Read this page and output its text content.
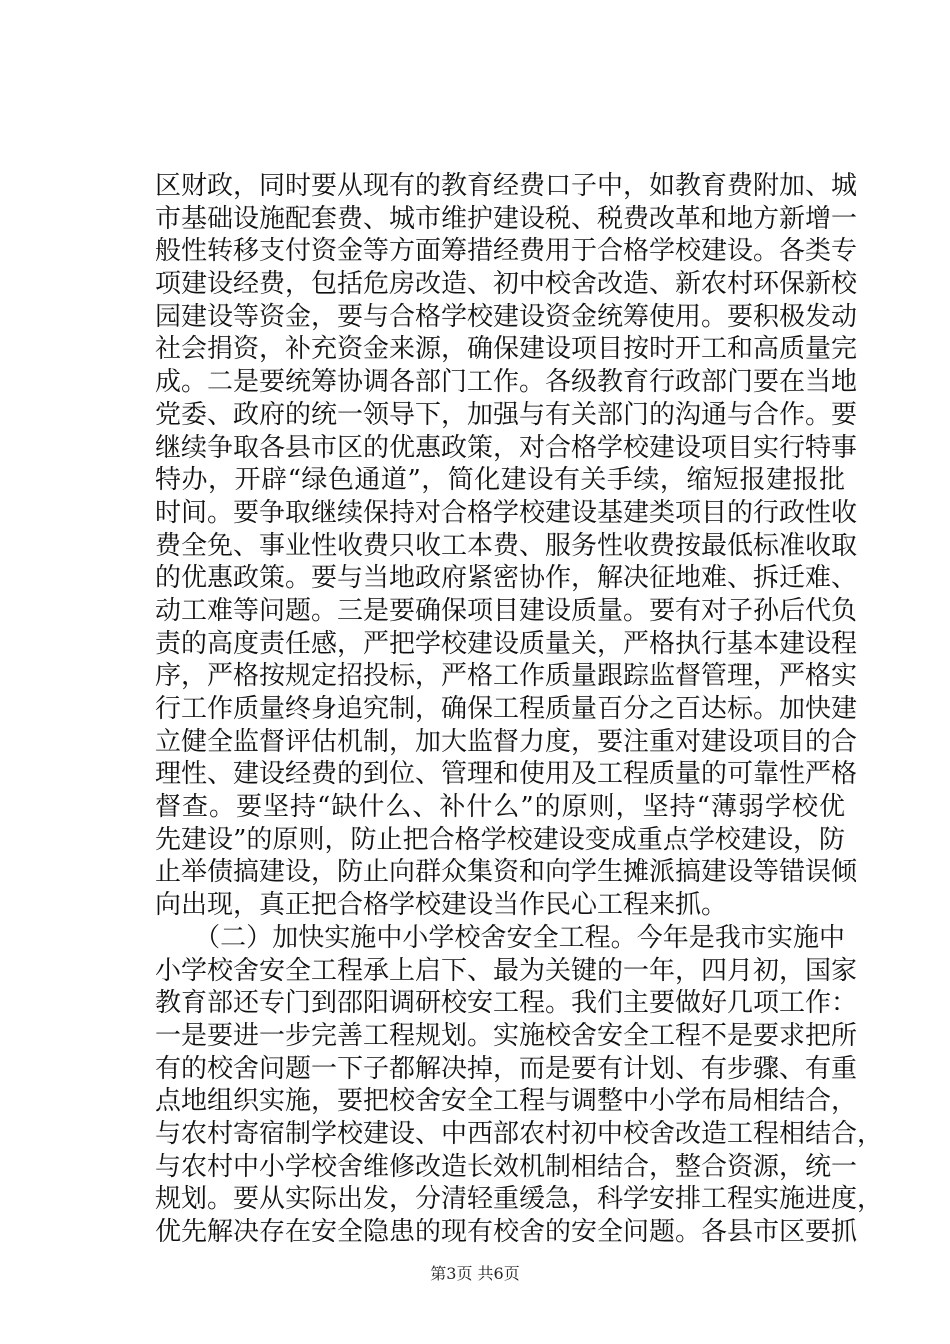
区财政，同时要从现有的教育经费口子中，如教育费附加、城
市基础设施配套费、城市维护建设税、税费改革和地方新增一
般性转移支付资金等方面筹措经费用于合格学校建设。各类专
项建设经费，包括危房改造、初中校舍改造、新农村环保新校
园建设等资金，要与合格学校建设资金统筹使用。要积极发动
社会捐资，补充资金来源，确保建设项目按时开工和高质量完
成。二是要统筹协调各部门工作。各级教育行政部门要在当地
党委、政府的统一领导下，加强与有关部门的沟通与合作。要
继续争取各县市区的优惠政策，对合格学校建设项目实行特事
特办，开辟“绿色通道”，简化建设有关手续，缩短报建报批
时间。要争取继续保持对合格学校建设基建类项目的行政性收
费全免、事业性收费只收工本费、服务性收费按最低标准收取
的优惠政策。要与当地政府紧密协作，解决征地难、拆迁难、
动工难等问题。三是要确保项目建设质量。要有对子孙后代负
责的高度责任感，严把学校建设质量关，严格执行基本建设程
序，严格按规定招投标，严格工作质量跟踪监督管理，严格实
行工作质量终身追究制，确保工程质量百分之百达标。加快建
立健全监督评估机制，加大监督力度，要注重对建设项目的合
理性、建设经费的到位、管理和使用及工程质量的可靠性严格
督查。要坚持“缺什么、补什么”的原则，坚持“薄弱学校优
先建设”的原则，防止把合格学校建设变成重点学校建设，防
止举债搞建设，防止向群众集资和向学生摊派搞建设等错误倾
向出现，真正把合格学校建设当作民心工程来抓。
　　（二）加快实施中小学校舍安全工程。今年是我市实施中
小学校舍安全工程承上启下、最为关键的一年，四月初，国家
教育部还专门到邵阳调研校安工程。我们主要做好几项工作：
一是要进一步完善工程规划。实施校舍安全工程不是要求把所
有的校舍问题一下子都解决掉，而是要有计划、有步骤、有重
点地组织实施，要把校舍安全工程与调整中小学布局相结合，
与农村寄宿制学校建设、中西部农村初中校舍改造工程相结合，
与农村中小学校舍维修改造长效机制相结合，整合资源，统一
规划。要从实际出发，分清轻重缓急，科学安排工程实施进度，
优先解决存在安全隐患的现有校舍的安全问题。各县市区要抓
第3页 共6页
